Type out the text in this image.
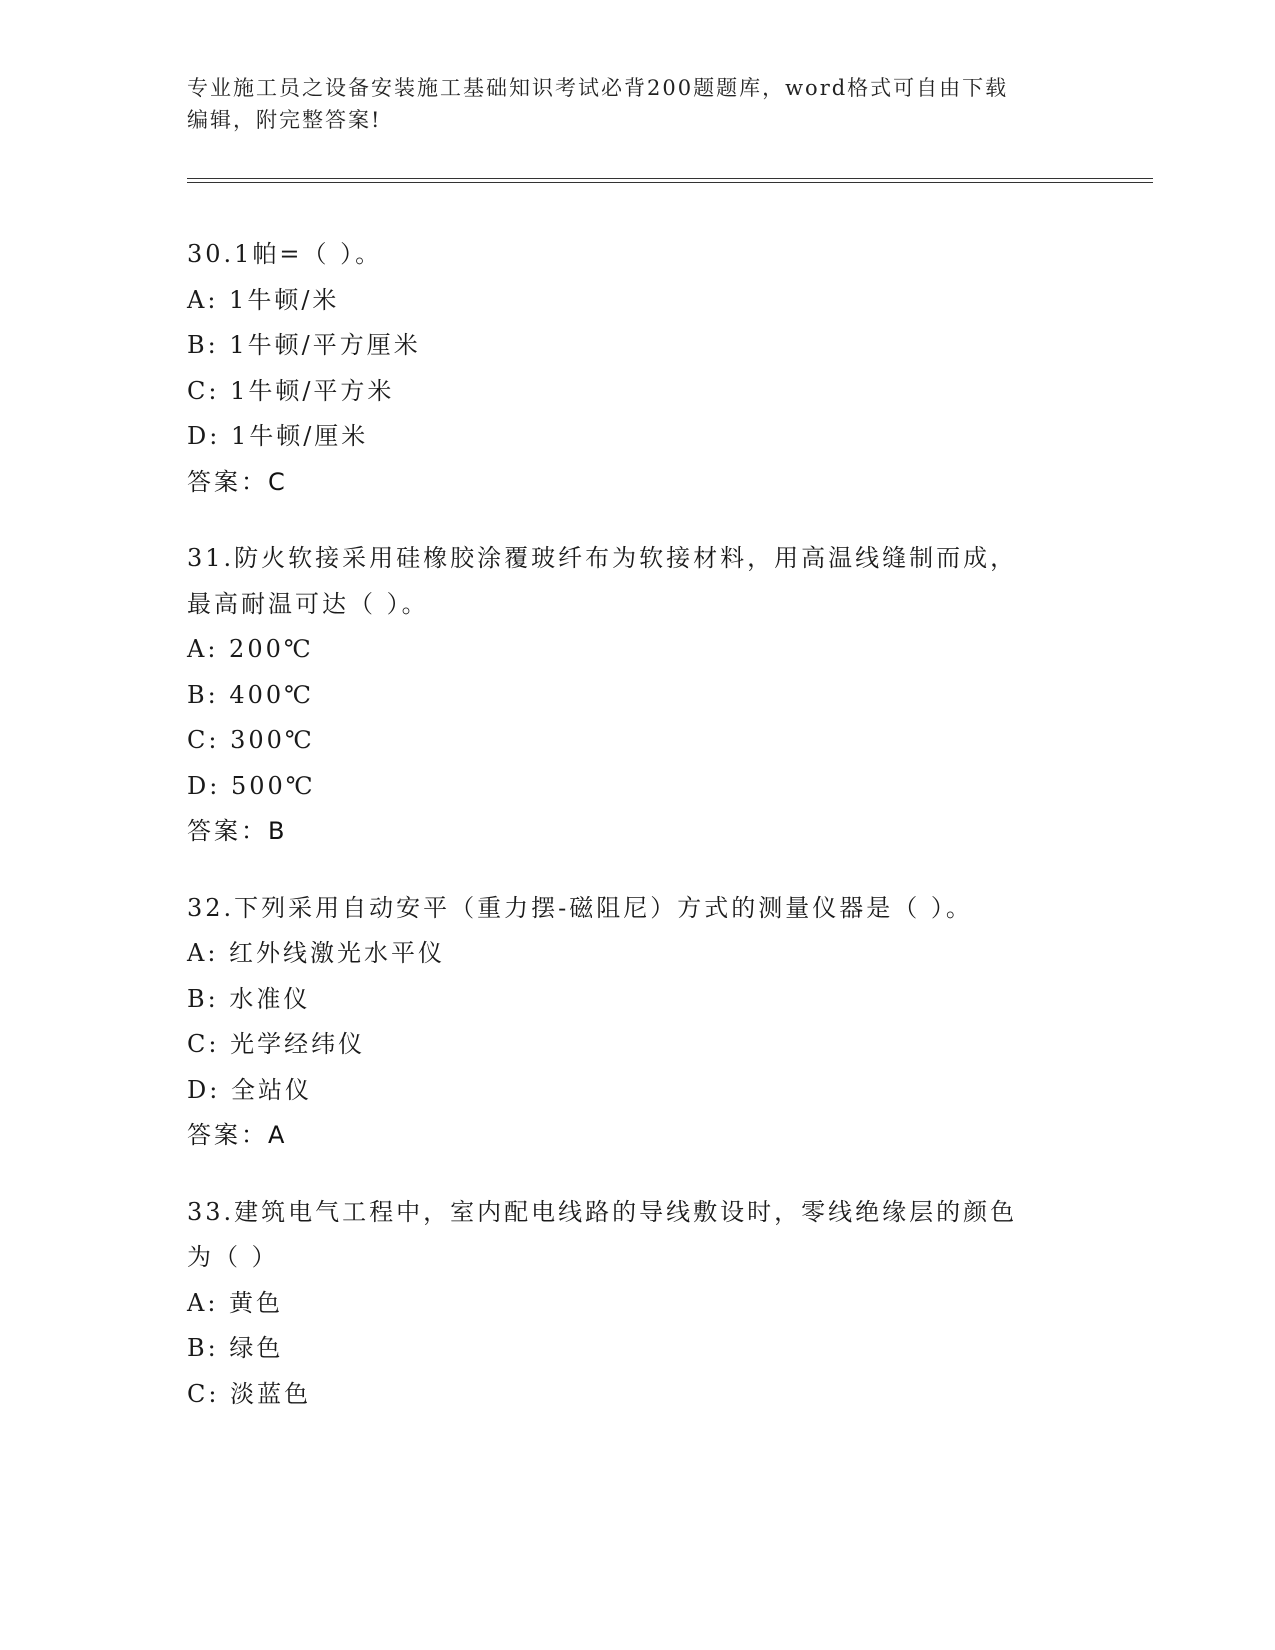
专业施工员之设备安装施工基础知识考试必背200题题库，word格式可自由下载
编辑，附完整答案!
30.1帕=（ ）。
A: 1牛顿/米
B: 1牛顿/平方厘米
C: 1牛顿/平方米
D: 1牛顿/厘米
答案：C
31.防火软接采用硅橡胶涂覆玻纤布为软接材料，用高温线缝制而成，
最高耐温可达（ ）。
A: 200℃
B: 400℃
C: 300℃
D: 500℃
答案：B
32.下列采用自动安平（重力摆-磁阻尼）方式的测量仪器是（ ）。
A: 红外线激光水平仪
B: 水准仪
C: 光学经纬仪
D: 全站仪
答案：A
33.建筑电气工程中，室内配电线路的导线敷设时，零线绝缘层的颜色
为（ ）
A: 黄色
B: 绿色
C: 淡蓝色
